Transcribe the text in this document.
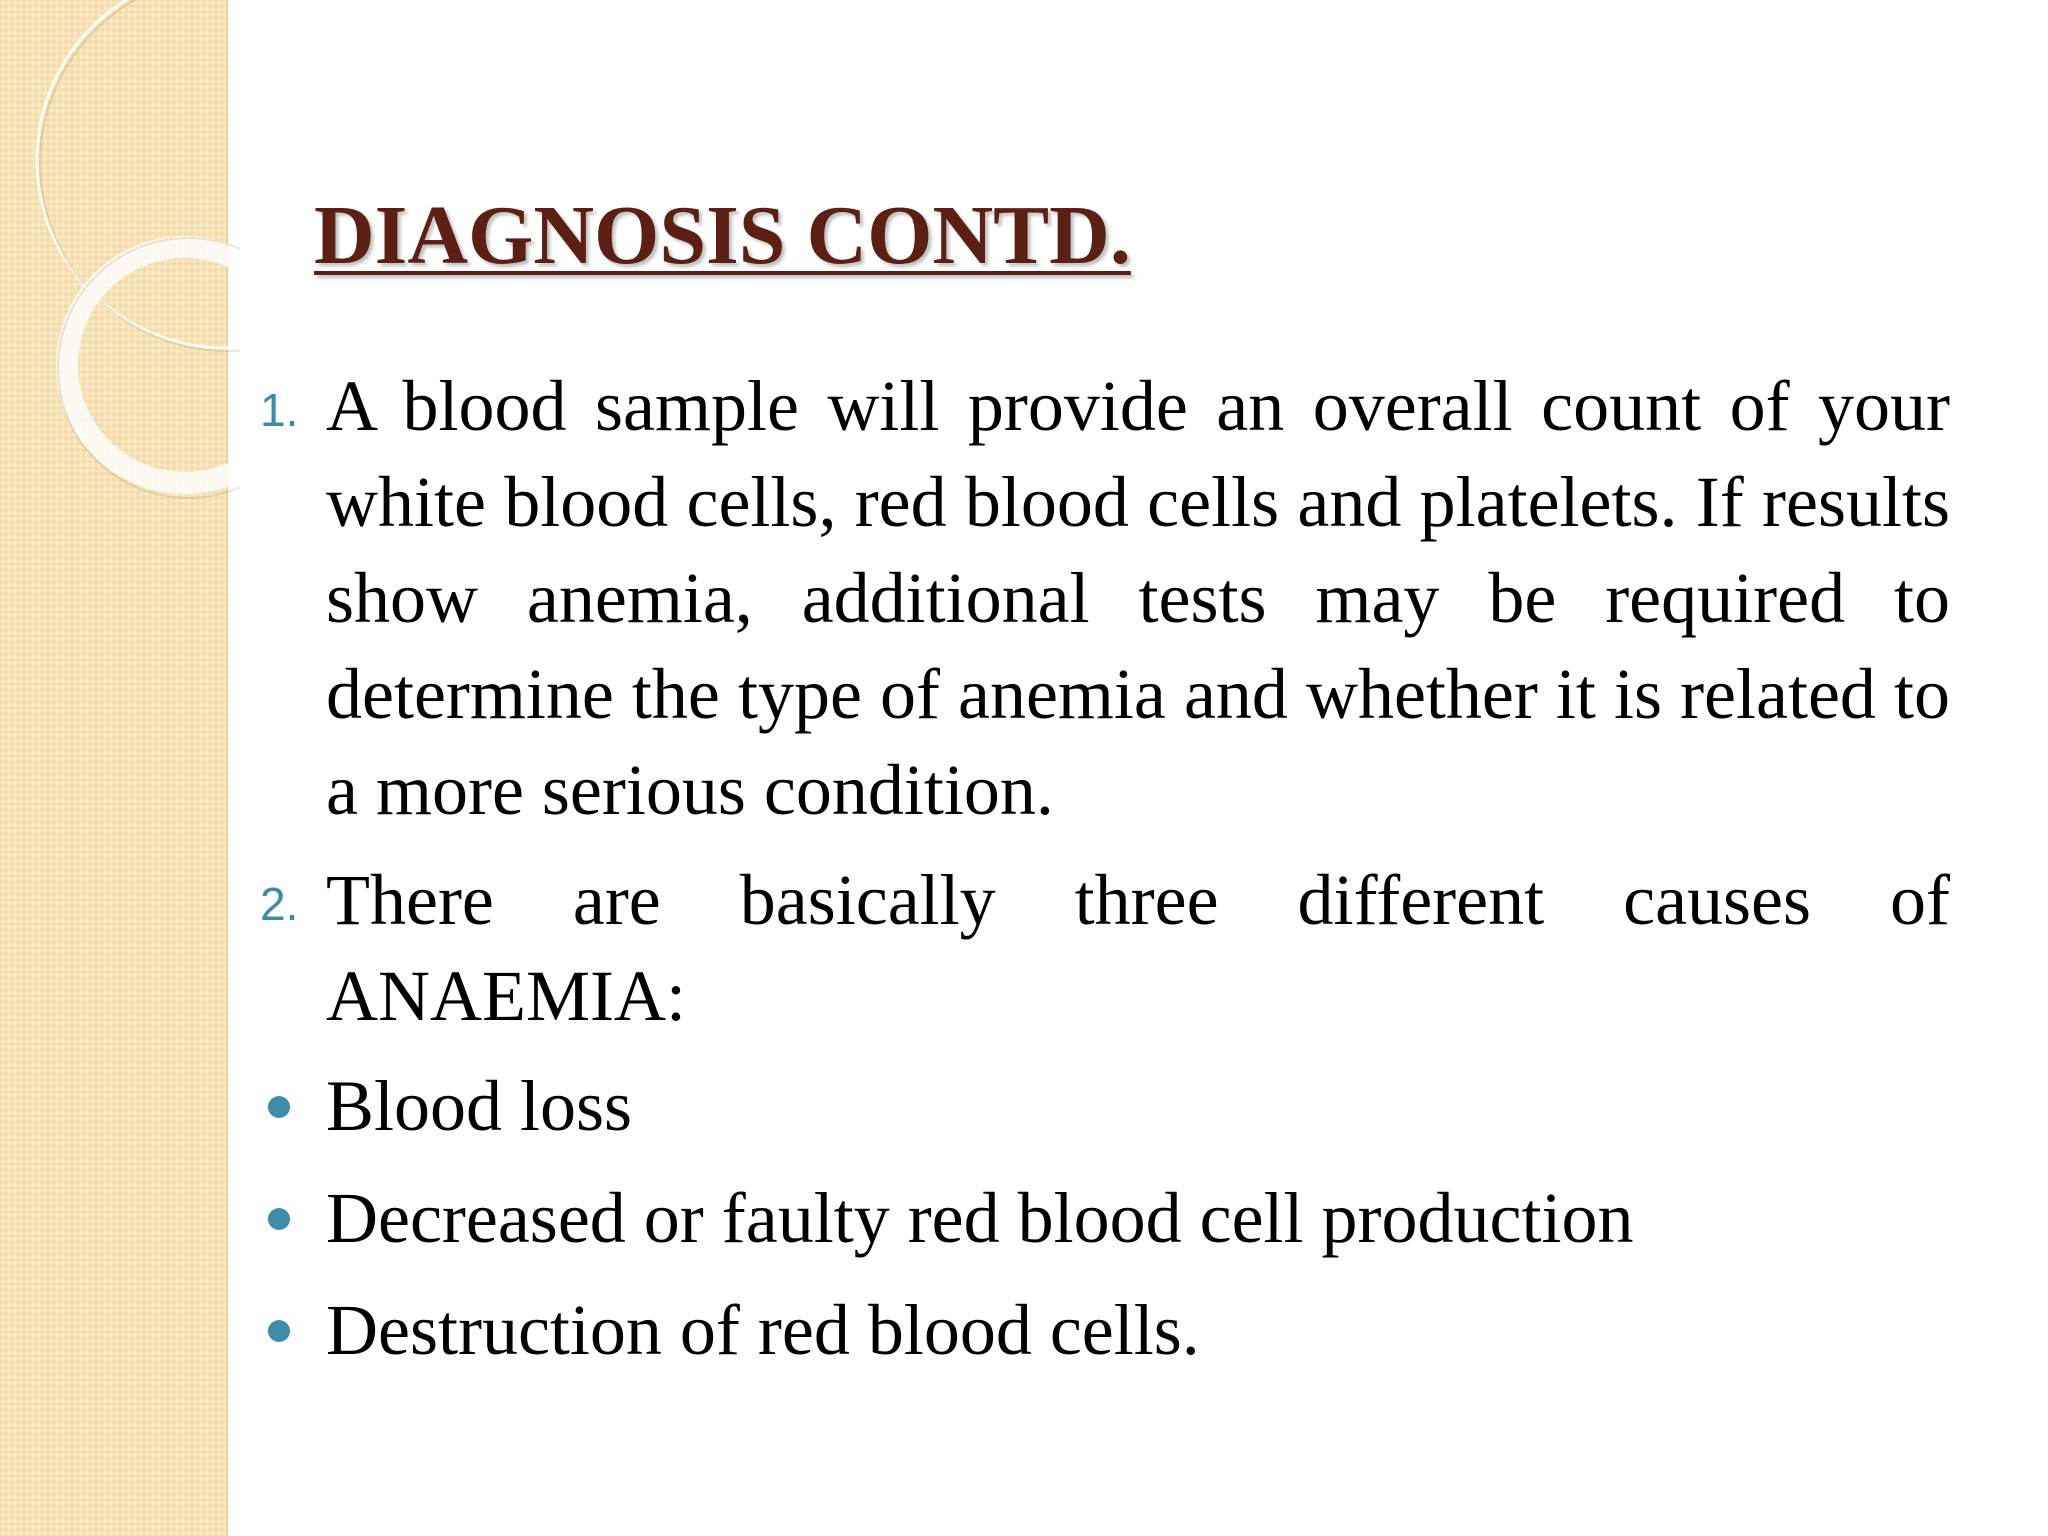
DIAGNOSIS CONTD.
1. A blood sample will provide an overall count of your white blood cells, red blood cells and platelets. If results show anemia, additional tests may be required to determine the type of anemia and whether it is related to a more serious condition.
2. There are basically three different causes of ANAEMIA:
Blood loss
Decreased or faulty red blood cell production
Destruction of red blood cells.
